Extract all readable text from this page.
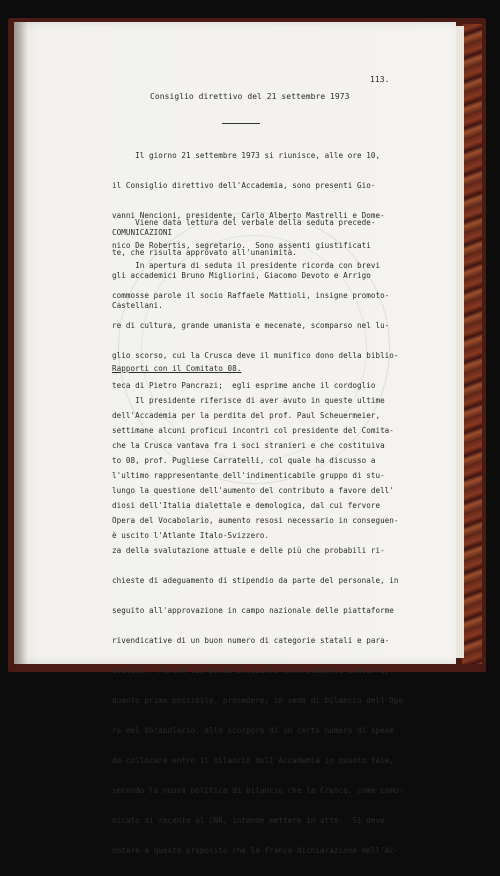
113.
Consiglio direttivo del 21 settembre 1973

Il giorno 21 settembre 1973 si riunisce, alle ore 10,

il Consiglio direttivo dell'Accademia, sono presenti Gio-

vanni Nencioni, presidente, Carlo Alberto Mastrelli e Dome-

nico De Robertis, segretario.  Sono assenti giustificati

gli accademici Bruno Migliorini, Giacomo Devoto e Arrigo

Castellani.

Viene data lettura del verbale della seduta precede-

te, che risulta approvato all'unanimità.

COMUNICAZIONI

In apertura di seduta il presidente ricorda con brevi

commosse parole il socio Raffaele Mattioli, insigne promoto-

re di cultura, grande umanista e mecenate, scomparso nel lu-

glio scorso, cui la Crusca deve il munifico dono della biblio-

teca di Pietro Pancrazi;  egli esprime anche il cordoglio

dell'Accademia per la perdita del prof. Paul Scheuermeier,

che la Crusca vantava fra i soci stranieri e che costituiva

l'ultimo rappresentante dell'indimenticabile gruppo di stu-

diosi dell'Italia dialettale e demologica, dal cui fervore

è uscito l'Atlante Italo-Svizzero.

Rapporti con il Comitato 08.

Il presidente riferisce di aver avuto in queste ultime

settimane alcuni proficui incontri col presidente del Comita-

to 08, prof. Pugliese Carratelli, col quale ha discusso a

lungo la questione dell'aumento del contributo a favore dell'

Opera del Vocabolario, aumento resosi necessario in conseguen-

za della svalutazione attuale e delle più che probabili ri-

chieste di adeguamento di stipendio da parte del personale, in

seguito all'approvazione in campo nazionale delle piattaforme

rivendicative di un buon numero di categorie statali e para-

statali.  Perché ciò possa studiarsi concretamente converrà,

quanto prima possibile, procedere, in sede di bilancio dell'Ope-

ra del Vocabolario, allo scorporo di un certo numero di spese

da collocare entro il bilancio dell'Accademia in quanto tale,

secondo la nuova politica di bilancio che la Crusca, come comu-

nicato di recente al CNR, intende mettere in atto.  Si deve

notare a questo proposito che la franca dichiarazione dell'Ac-
